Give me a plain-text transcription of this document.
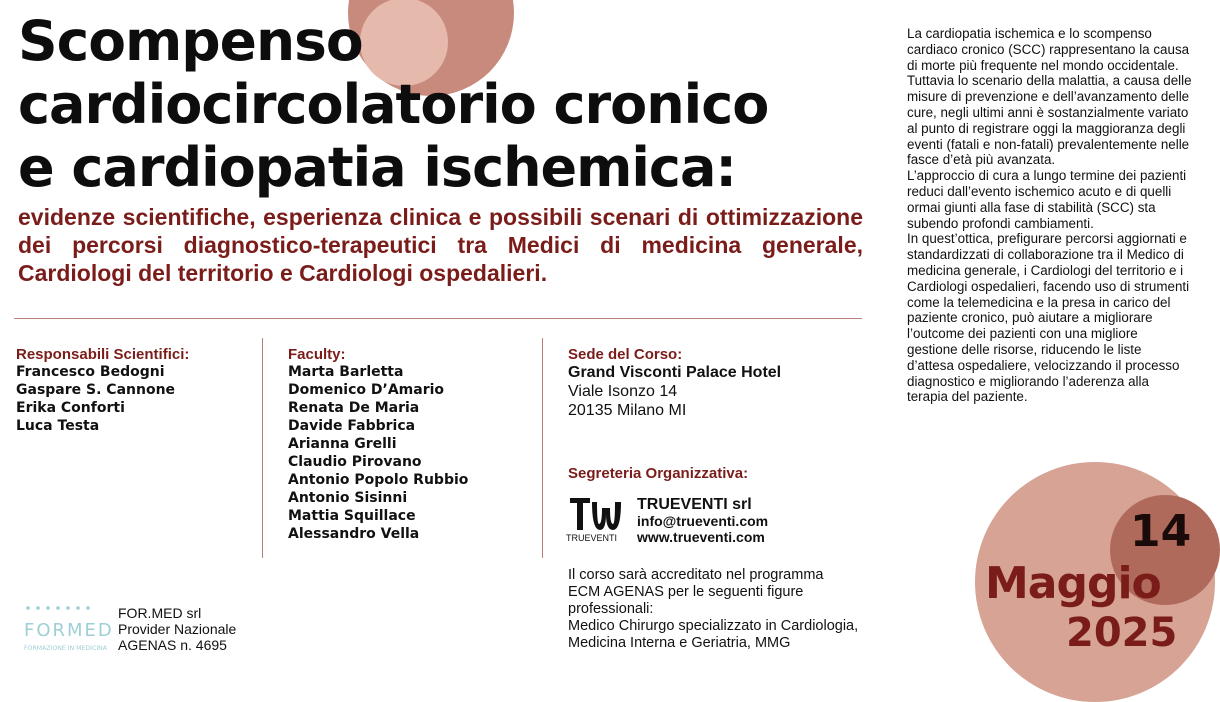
Scompenso
cardiocircolatorio cronico
e cardiopatia ischemica:
evidenze scientifiche, esperienza clinica e possibili scenari di ottimizzazione dei percorsi diagnostico-terapeutici tra Medici di medicina generale, Cardiologi del territorio e Cardiologi ospedalieri.
Responsabili Scientifici:
Francesco Bedogni
Gaspare S. Cannone
Erika Conforti
Luca Testa
Faculty:
Marta Barletta
Domenico D’Amario
Renata De Maria
Davide Fabbrica
Arianna Grelli
Claudio Pirovano
Antonio Popolo Rubbio
Antonio Sisinni
Mattia Squillace
Alessandro Vella
Sede del Corso:
Grand Visconti Palace Hotel
Viale Isonzo 14
20135 Milano MI
Segreteria Organizzativa:
TRUEVENTI
TRUEVENTI srl
info@trueventi.com
www.trueventi.com
Il corso sarà accreditato nel programma
ECM AGENAS per le seguenti figure
professionali:
Medico Chirurgo specializzato in Cardiologia,
Medicina Interna e Geriatria, MMG
FORMED
FORMAZIONE IN MEDICINA
FOR.MED srl
Provider Nazionale
AGENAS n. 4695

La cardiopatia ischemica e lo scompenso cardiaco cronico (SCC) rappresentano la causa di morte più frequente nel mondo occidentale. Tuttavia lo scenario della malattia, a causa delle misure di prevenzione e dell’avanzamento delle cure, negli ultimi anni è sostanzialmente variato al punto di registrare oggi la maggioranza degli eventi (fatali e non-fatali) prevalentemente nelle fasce d’età più avanzata.

L’approccio di cura a lungo termine dei pazienti reduci dall’evento ischemico acuto e di quelli ormai giunti alla fase di stabilità (SCC) sta subendo profondi cambiamenti.

In quest’ottica, prefigurare percorsi aggiornati e standardizzati di collaborazione tra il Medico di medicina generale, i Cardiologi del territorio e i Cardiologi ospedalieri, facendo uso di strumenti come la telemedicina e la presa in carico del paziente cronico, può aiutare a migliorare l’outcome dei pazienti con una migliore gestione delle risorse, riducendo le liste d’attesa ospedaliere, velocizzando il processo diagnostico e migliorando l’aderenza alla terapia del paziente.

14
Maggio
2025
